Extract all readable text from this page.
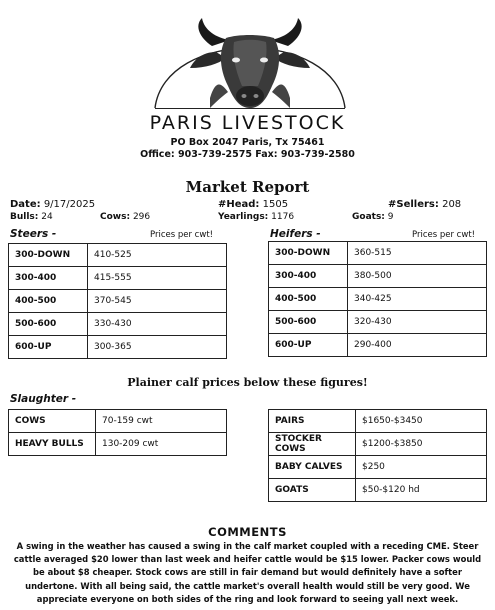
PARIS LIVESTOCK
PO Box 2047 Paris, Tx 75461
Office: 903-739-2575 Fax: 903-739-2580
Market Report
Date: 9/17/2025	#Head: 1505	#Sellers: 208
Bulls: 24	Cows: 296	Yearlings: 1176	Goats: 9
Steers -	Prices per cwt!
300-DOWN	410-525
300-400	415-555
400-500	370-545
500-600	330-430
600-UP	300-365
Heifers -	Prices per cwt!
300-DOWN	360-515
300-400	380-500
400-500	340-425
500-600	320-430
600-UP	290-400
Plainer calf prices below these figures!
Slaughter -
COWS	70-159 cwt
HEAVY BULLS	130-209 cwt
PAIRS	$1650-$3450
STOCKER COWS	$1200-$3850
BABY CALVES	$250
GOATS	$50-$120 hd
COMMENTS
A swing in the weather has caused a swing in the calf market coupled with a receding CME. Steer cattle averaged $20 lower than last week and heifer cattle would be $15 lower. Packer cows would be about $8 cheaper. Stock cows are still in fair demand but would definitely have a softer undertone. With all being said, the cattle market's overall health would still be very good. We appreciate everyone on both sides of the ring and look forward to seeing yall next week.
